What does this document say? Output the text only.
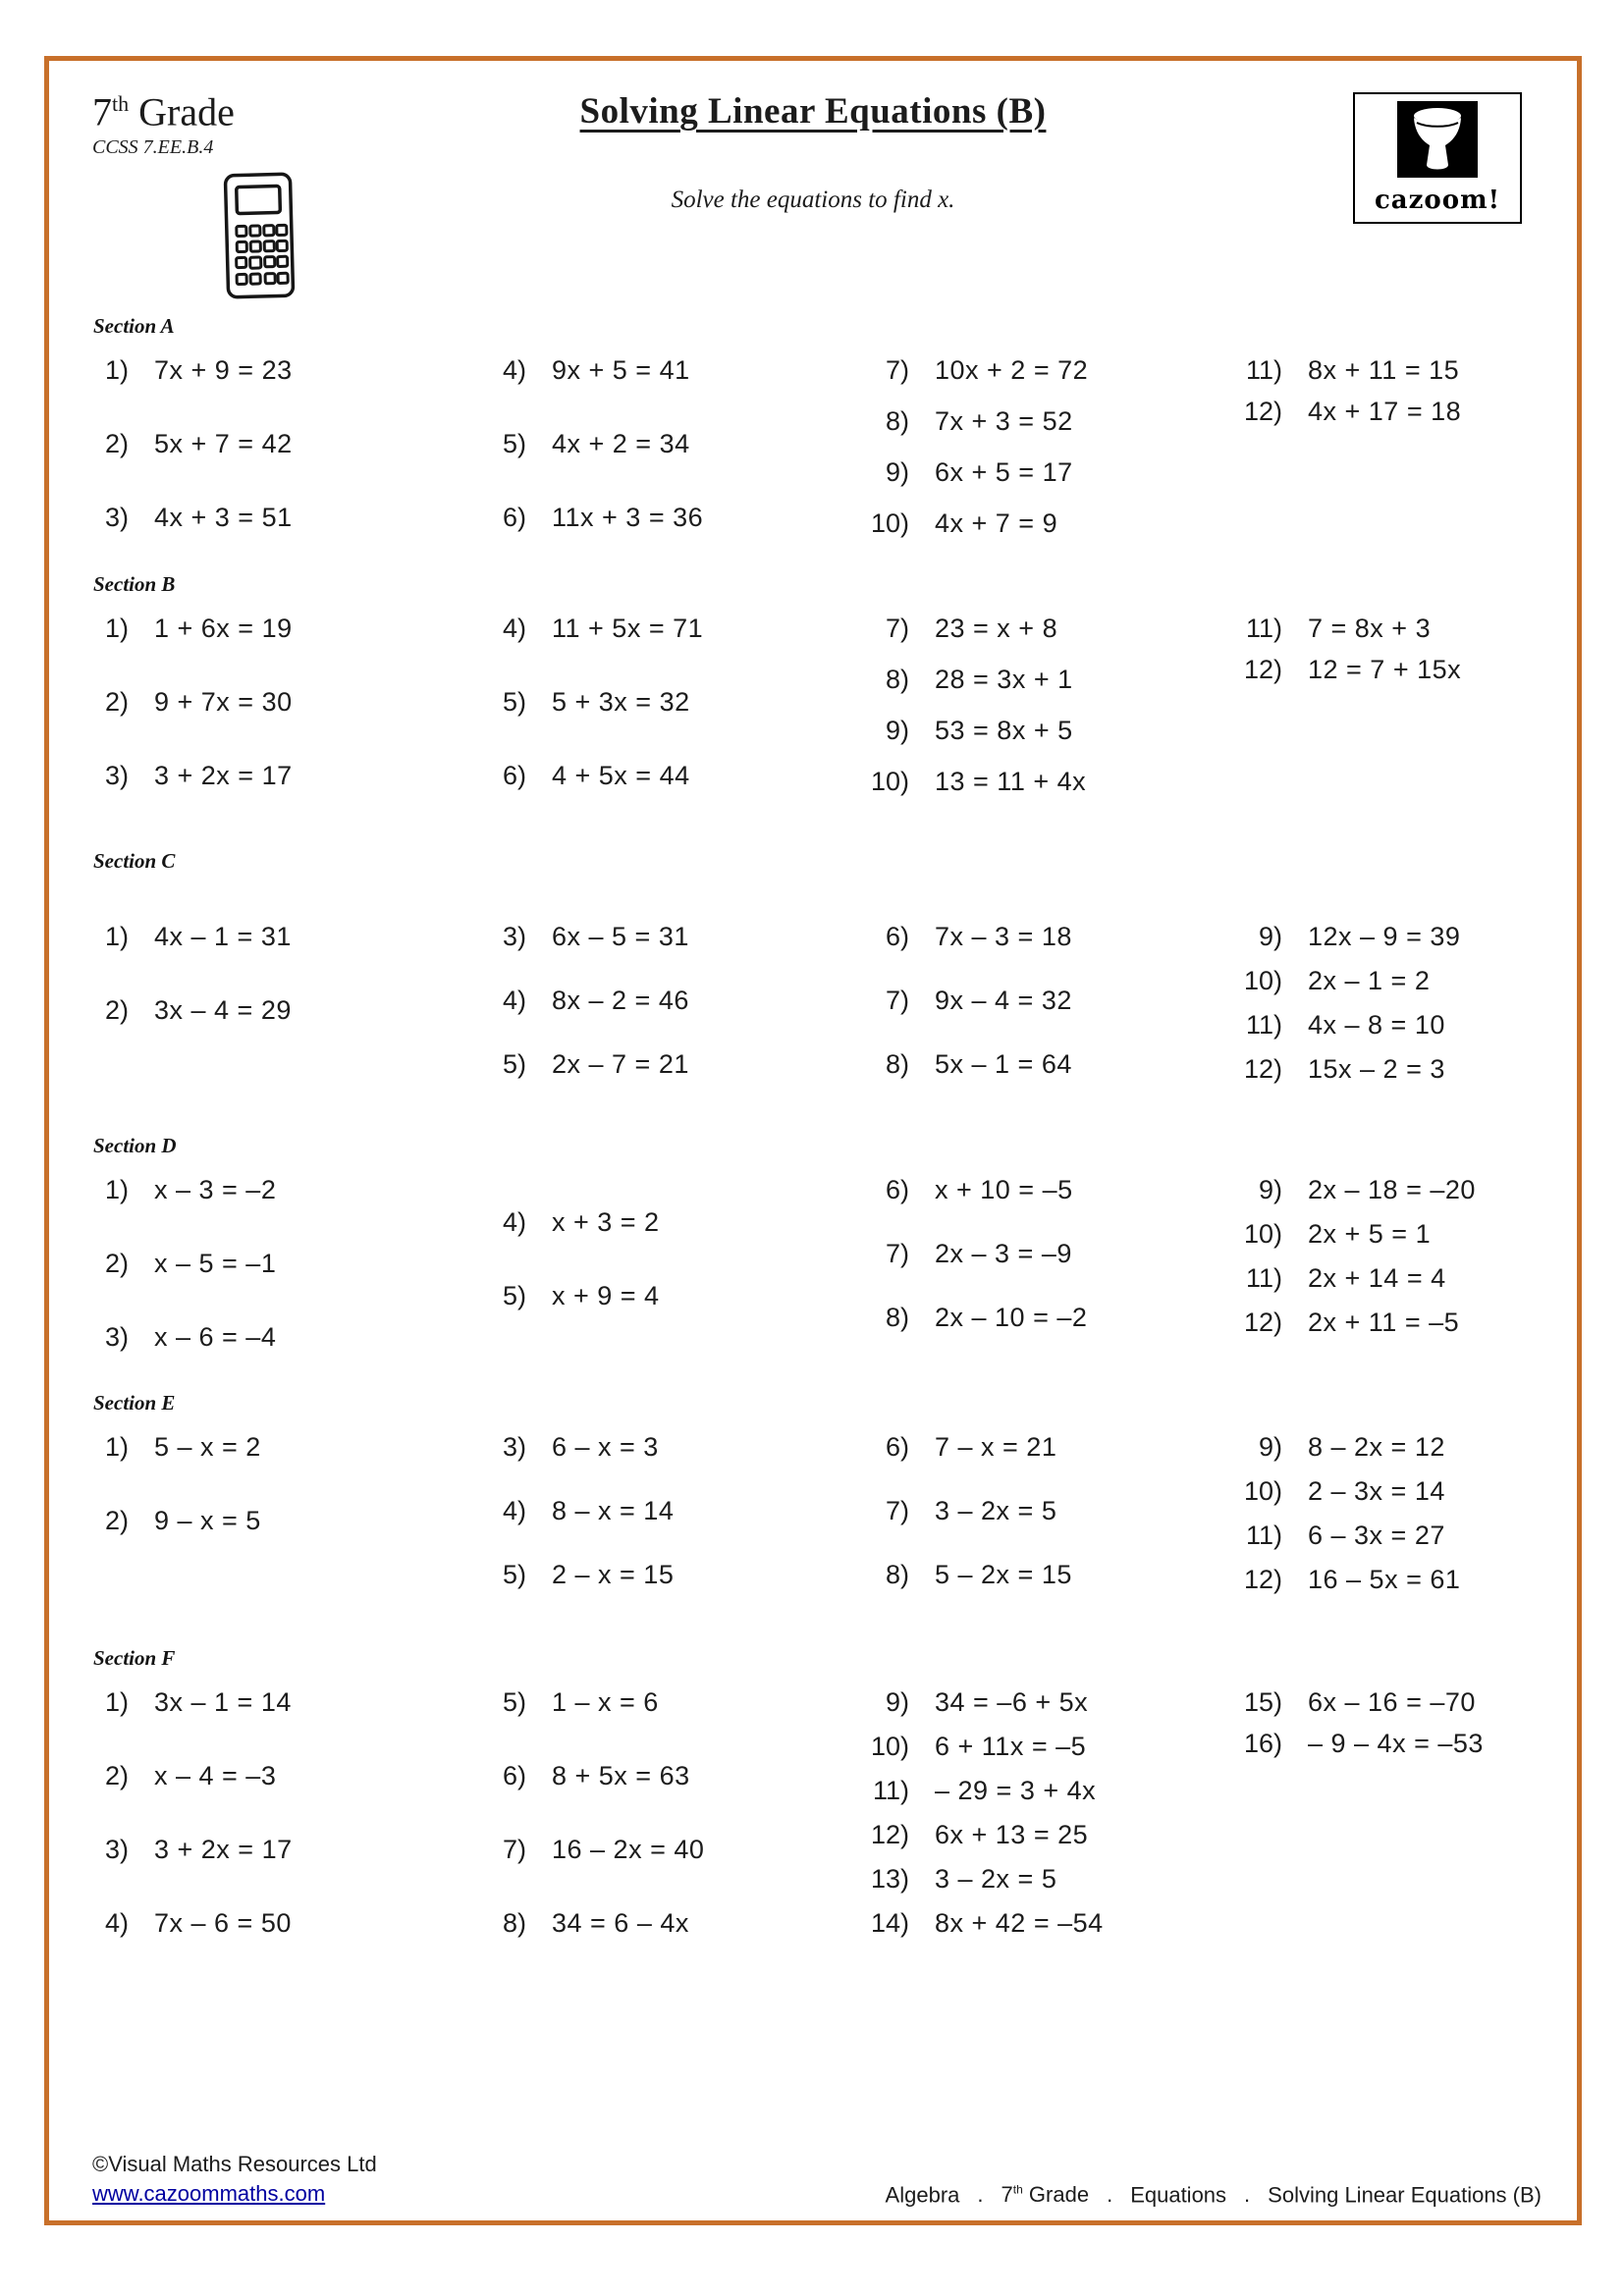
7th Grade
CCSS 7.EE.B.4
Solving Linear Equations (B)

Solve the equations to find x.	cazoom!
Section A
1) 7x + 9 = 23
2) 5x + 7 = 42
3) 4x + 3 = 51
4) 9x + 5 = 41
5) 4x + 2 = 34
6) 11x + 3 = 36
7) 10x + 2 = 72
8) 7x + 3 = 52
9) 6x + 5 = 17
10) 4x + 7 = 9
11) 8x + 11 = 15
12) 4x + 17 = 18
Section B
1) 1 + 6x = 19
2) 9 + 7x = 30
3) 3 + 2x = 17
4) 11 + 5x = 71
5) 5 + 3x = 32
6) 4 + 5x = 44
7) 23 = x + 8
8) 28 = 3x + 1
9) 53 = 8x + 5
10) 13 = 11 + 4x
11) 7 = 8x + 3
12) 12 = 7 + 15x
Section C
1) 4x – 1 = 31
2) 3x – 4 = 29
3) 6x – 5 = 31
4) 8x – 2 = 46
5) 2x – 7 = 21
6) 7x – 3 = 18
7) 9x – 4 = 32
8) 5x – 1 = 64
9) 12x – 9 = 39
10) 2x – 1 = 2
11) 4x – 8 = 10
12) 15x – 2 = 3
Section D
1) x – 3 = –2
2) x – 5 = –1
3) x – 6 = –4
4) x + 3 = 2
5) x + 9 = 4
6) x + 10 = –5
7) 2x – 3 = –9
8) 2x – 10 = –2
9) 2x – 18 = –20
10) 2x + 5 = 1
11) 2x + 14 = 4
12) 2x + 11 = –5
Section E
1) 5 – x = 2
2) 9 – x = 5
3) 6 – x = 3
4) 8 – x = 14
5) 2 – x = 15
6) 7 – x = 21
7) 3 – 2x = 5
8) 5 – 2x = 15
9) 8 – 2x = 12
10) 2 – 3x = 14
11) 6 – 3x = 27
12) 16 – 5x = 61
Section F
1) 3x – 1 = 14
2) x – 4 = –3
3) 3 + 2x = 17
4) 7x – 6 = 50
5) 1 – x = 6
6) 8 + 5x = 63
7) 16 – 2x = 40
8) 34 = 6 – 4x
9) 34 = –6 + 5x
10) 6 + 11x = –5
11) – 29 = 3 + 4x
12) 6x + 13 = 25
13) 3 – 2x = 5
14) 8x + 42 = –54
15) 6x – 16 = –70
16) – 9 – 4x = –53
©Visual Maths Resources Ltd
www.cazoommaths.com	Algebra . 7th Grade . Equations . Solving Linear Equations (B)
